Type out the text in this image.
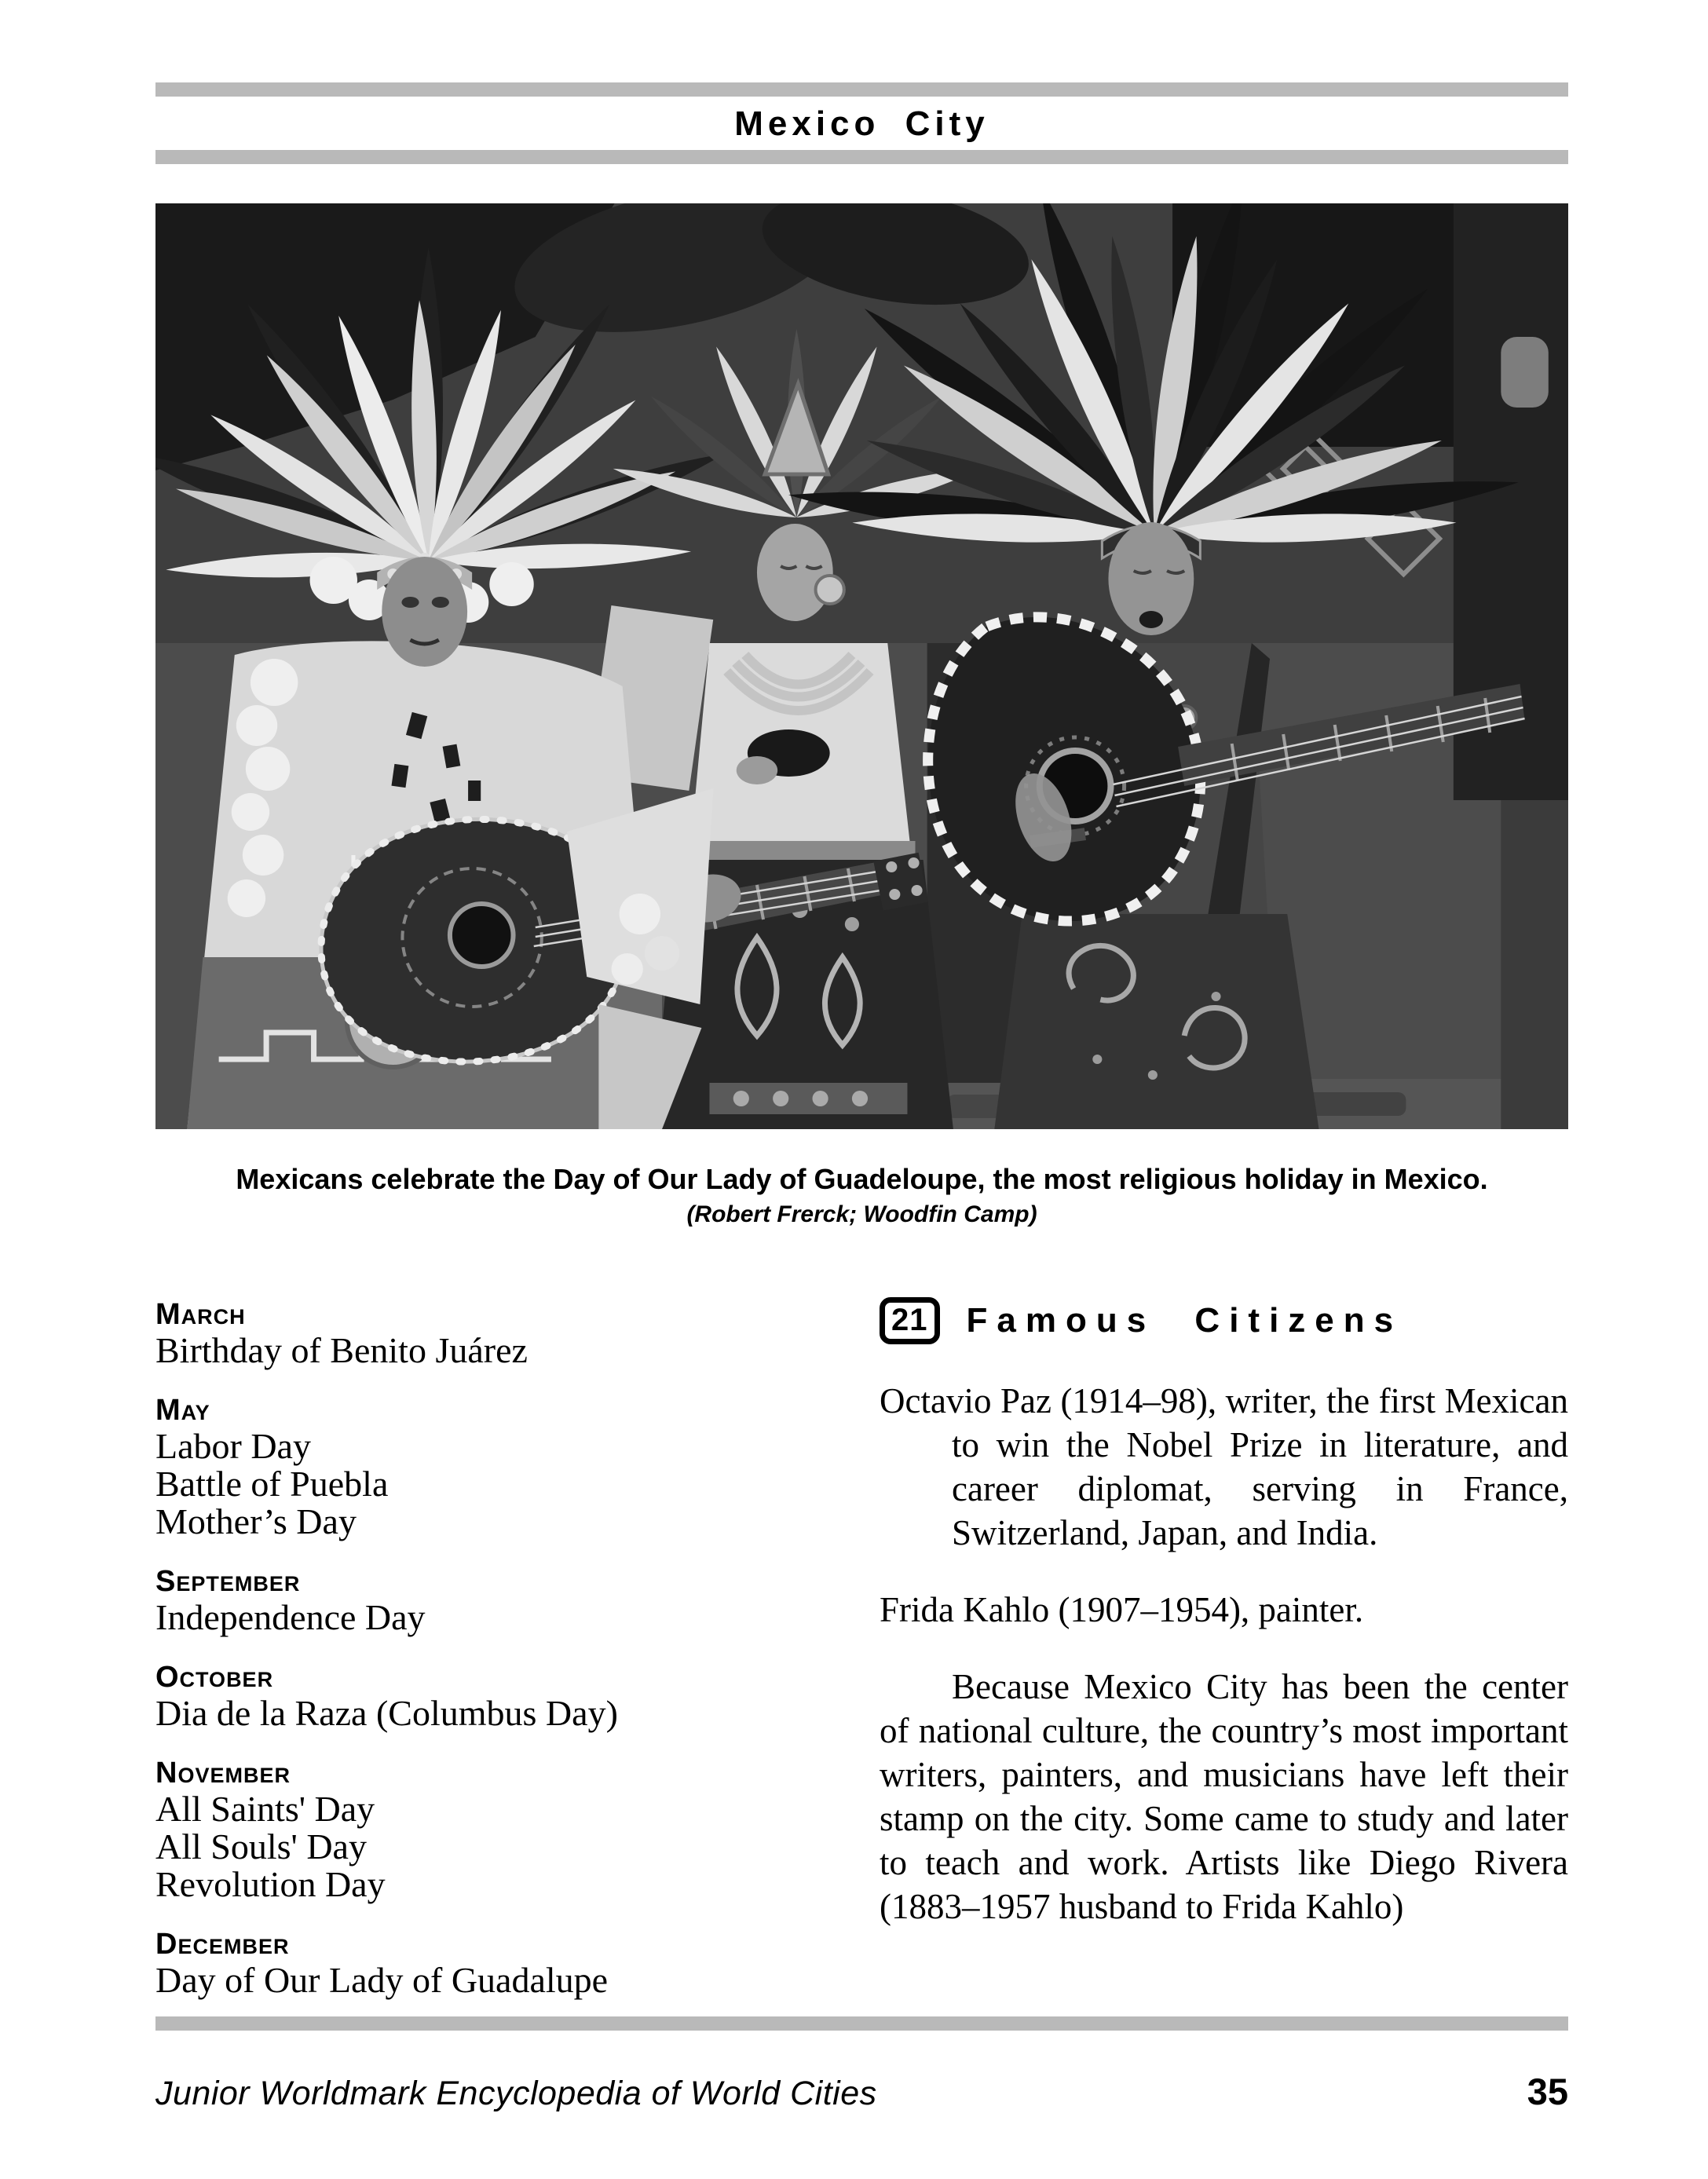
Mexico City
Mexicans celebrate the Day of Our Lady of Guadeloupe, the most religious holiday in Mexico.
(Robert Frerck; Woodfin Camp)
March

Birthday of Benito Juárez

May

Labor Day

Battle of Puebla

Mother’s Day

September

Independence Day

October

Dia de la Raza (Columbus Day)

November

All Saints' Day

All Souls' Day

Revolution Day

December

Day of Our Lady of Guadalupe

21	Famous Citizens

Octavio Paz (1914–98), writer, the first Mexican to win the Nobel Prize in literature, and career diplomat, serving in France, Switzerland, Japan, and India.

Frida Kahlo (1907–1954), painter.

Because Mexico City has been the center of national culture, the country’s most important writers, painters, and musicians have left their stamp on the city. Some came to study and later to teach and work. Artists like Diego Rivera (1883–1957 husband to Frida Kahlo)

Junior Worldmark Encyclopedia of World Cities	35
